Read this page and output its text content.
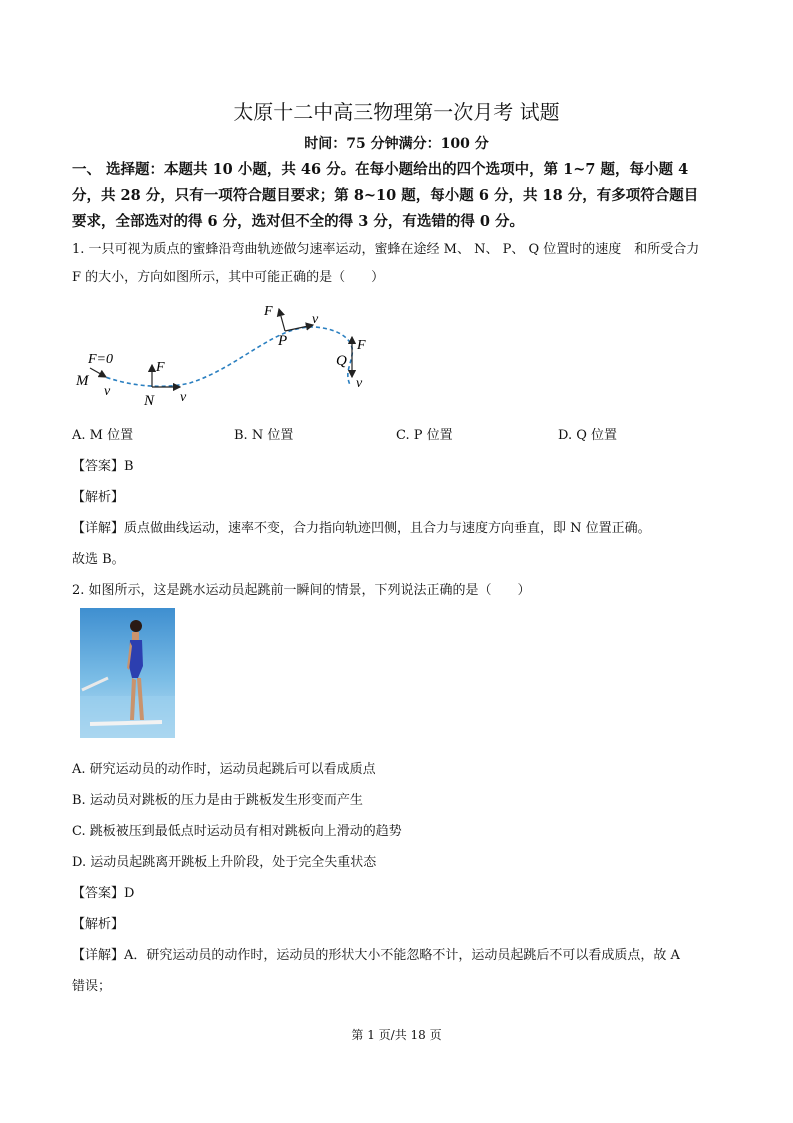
太原十二中高三物理第一次月考 试题
时间：75 分钟满分：100 分
一、 选择题：本题共 10 小题，共 46 分。在每小题给出的四个选项中，第 1~7 题，每小题 4
分，共 28 分，只有一项符合题目要求；第 8~10 题，每小题 6 分，共 18 分，有多项符合题目
要求，全部选对的得 6 分，选对但不全的得 3 分，有选错的得 0 分。
1. 一只可视为质点的蜜蜂沿弯曲轨迹做匀速率运动，蜜蜂在途经 M、 N、 P、 Q 位置时的速度　和所受合力
F 的大小，方向如图所示，其中可能正确的是（　　）
F=0
M
v
F
N v
F
P
v
F
Q
v
A. M 位置	B. N 位置	C. P 位置	D. Q 位置
【答案】B
【解析】
【详解】质点做曲线运动，速率不变，合力指向轨迹凹侧，且合力与速度方向垂直，即 N 位置正确。
故选 B。
2. 如图所示，这是跳水运动员起跳前一瞬间的情景，下列说法正确的是（　　）
A. 研究运动员的动作时，运动员起跳后可以看成质点
B. 运动员对跳板的压力是由于跳板发生形变而产生
C. 跳板被压到最低点时运动员有相对跳板向上滑动的趋势
D. 运动员起跳离开跳板上升阶段，处于完全失重状态
【答案】D
【解析】
【详解】A．研究运动员的动作时，运动员的形状大小不能忽略不计，运动员起跳后不可以看成质点，故 A
错误；
第 1 页/共 18 页
